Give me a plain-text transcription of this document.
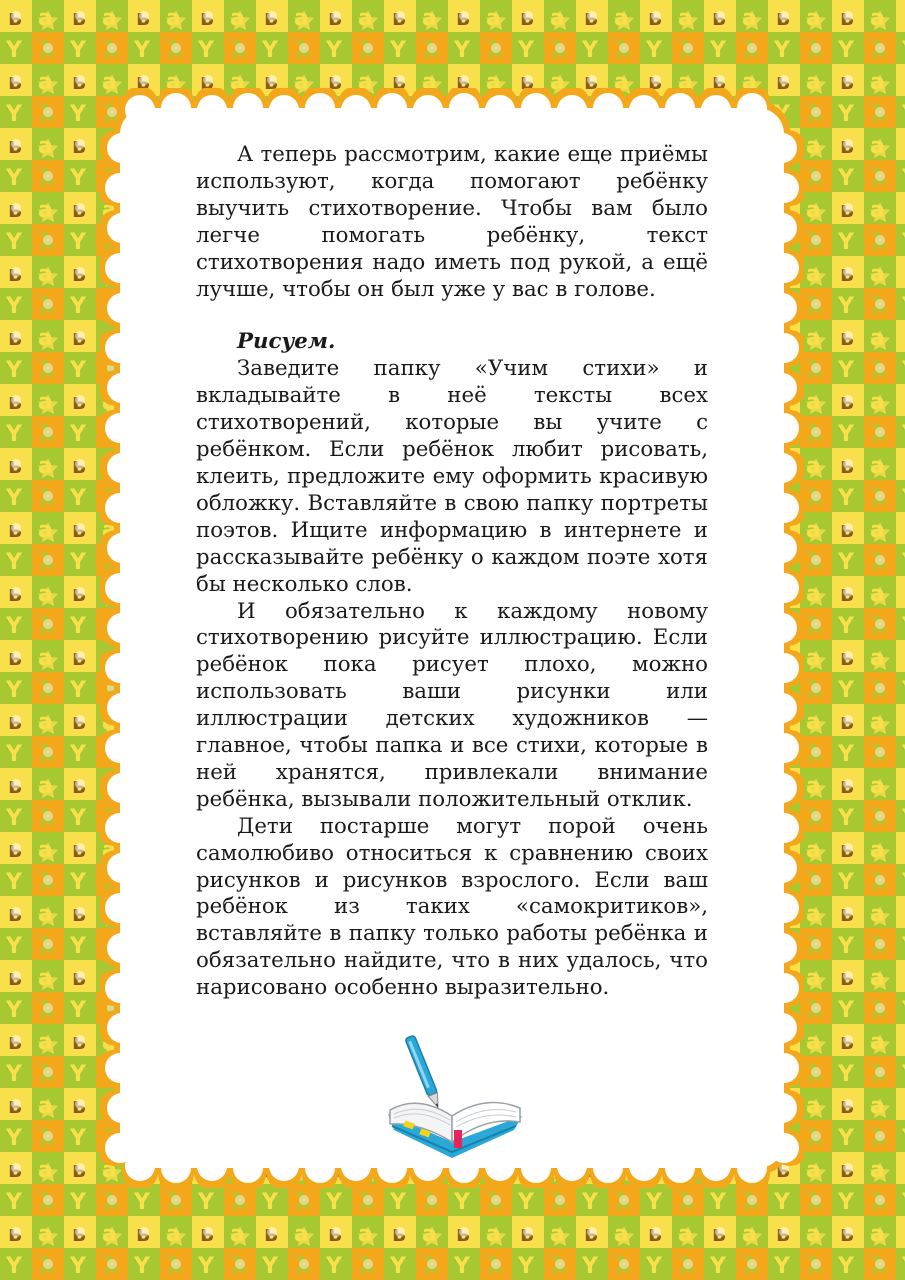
А теперь рассмотрим, какие еще приёмы используют, когда помогают ребёнку выучить стихотворение. Чтобы вам было легче помогать ребёнку, текст стихотворения надо иметь под рукой, а ещё лучше, чтобы он был уже у вас в голове.

Рисуем.

Заведите папку «Учим стихи» и вкладывайте в неё тексты всех стихотворений, которые вы учите с ребёнком. Если ребёнок любит рисовать, клеить, предложите ему оформить красивую обложку. Вставляйте в свою папку портреты поэтов. Ищите информацию в интернете и рассказывайте ребёнку о каждом поэте хотя бы несколько слов.

И обязательно к каждому новому стихотворению рисуйте иллюстрацию. Если ребёнок пока рисует плохо, можно использовать ваши рисунки или иллюстрации детских художников — главное, чтобы папка и все стихи, которые в ней хранятся, привлекали внимание ребёнка, вызывали положительный отклик.

Дети постарше могут порой очень самолюбиво относиться к сравнению своих рисунков и рисунков взрослого. Если ваш ребёнок из таких «самокритиков», вставляйте в папку только работы ребёнка и обязательно найдите, что в них удалось, что нарисовано особенно выразительно.
